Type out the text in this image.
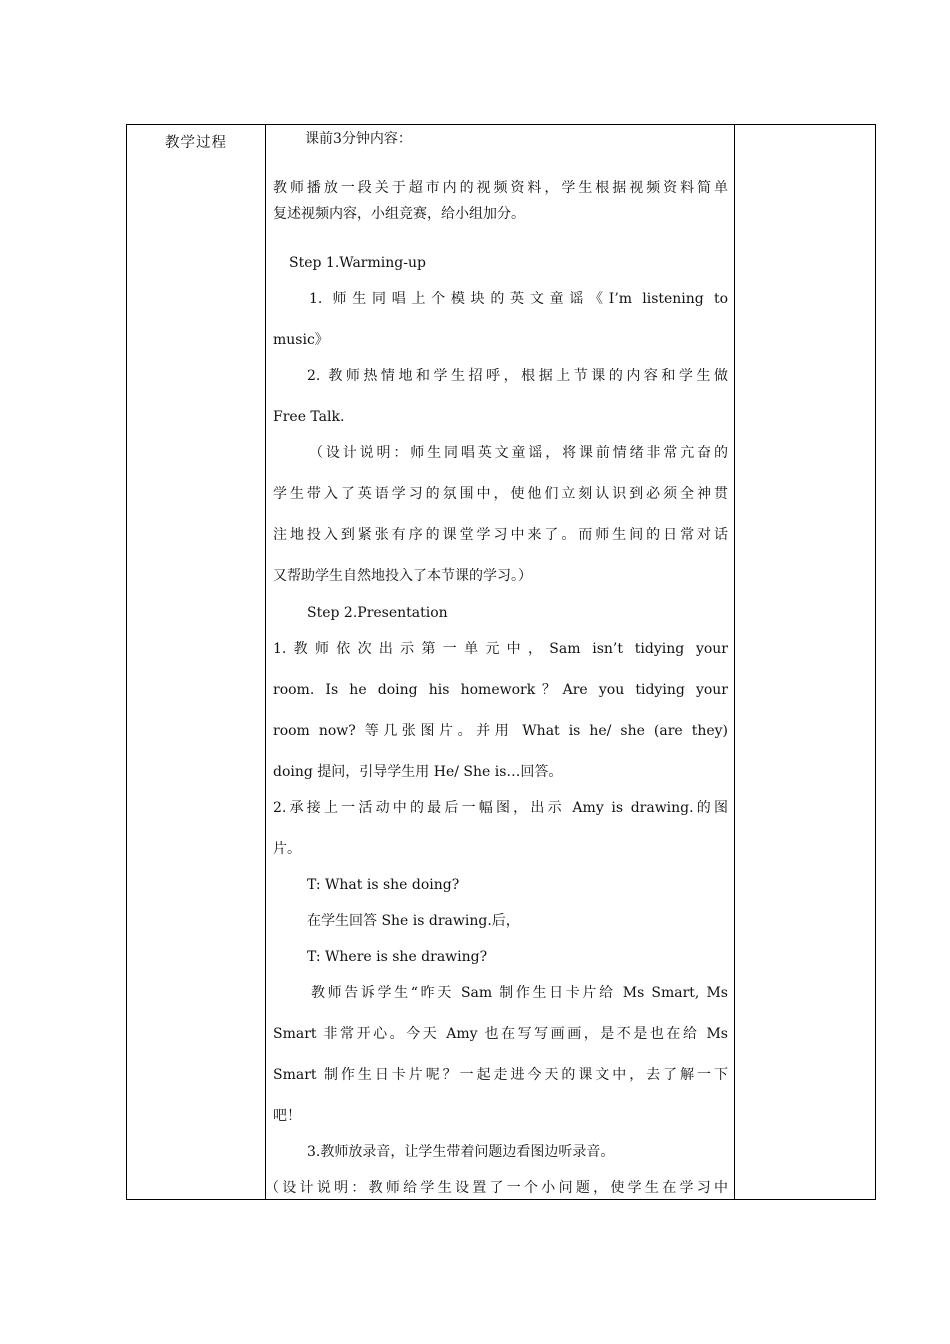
教学过程	课前3分钟内容：
教师播放一段关于超市内的视频资料，学生根据视频资料简单
复述视频内容，小组竞赛，给小组加分。
Step 1.Warming-up
1. 师生同唱上个模块的英文童谣《I’m listening to
music》
2. 教师热情地和学生招呼，根据上节课的内容和学生做
Free Talk.
（设计说明：师生同唱英文童谣，将课前情绪非常亢奋的
学生带入了英语学习的氛围中，使他们立刻认识到必须全神贯
注地投入到紧张有序的课堂学习中来了。而师生间的日常对话
又帮助学生自然地投入了本节课的学习。）
Step 2.Presentation
1.教师依次出示第一单元中，Sam isn’t tidying your
room. Is he doing his homework？Are you tidying your
room now? 等几张图片。并用 What is he/ she (are they)
doing 提问，引导学生用 He/ She is…回答。
2.承接上一活动中的最后一幅图，出示 Amy is drawing.的图
片。
T: What is she doing?
在学生回答 She is drawing.后，
T: Where is she drawing?
教师告诉学生“昨天 Sam 制作生日卡片给 Ms Smart, Ms
Smart 非常开心。今天 Amy 也在写写画画，是不是也在给 Ms
Smart 制作生日卡片呢？一起走进今天的课文中，去了解一下
吧！
3.教师放录音，让学生带着问题边看图边听录音。
（设计说明：教师给学生设置了一个小问题，使学生在学习中
